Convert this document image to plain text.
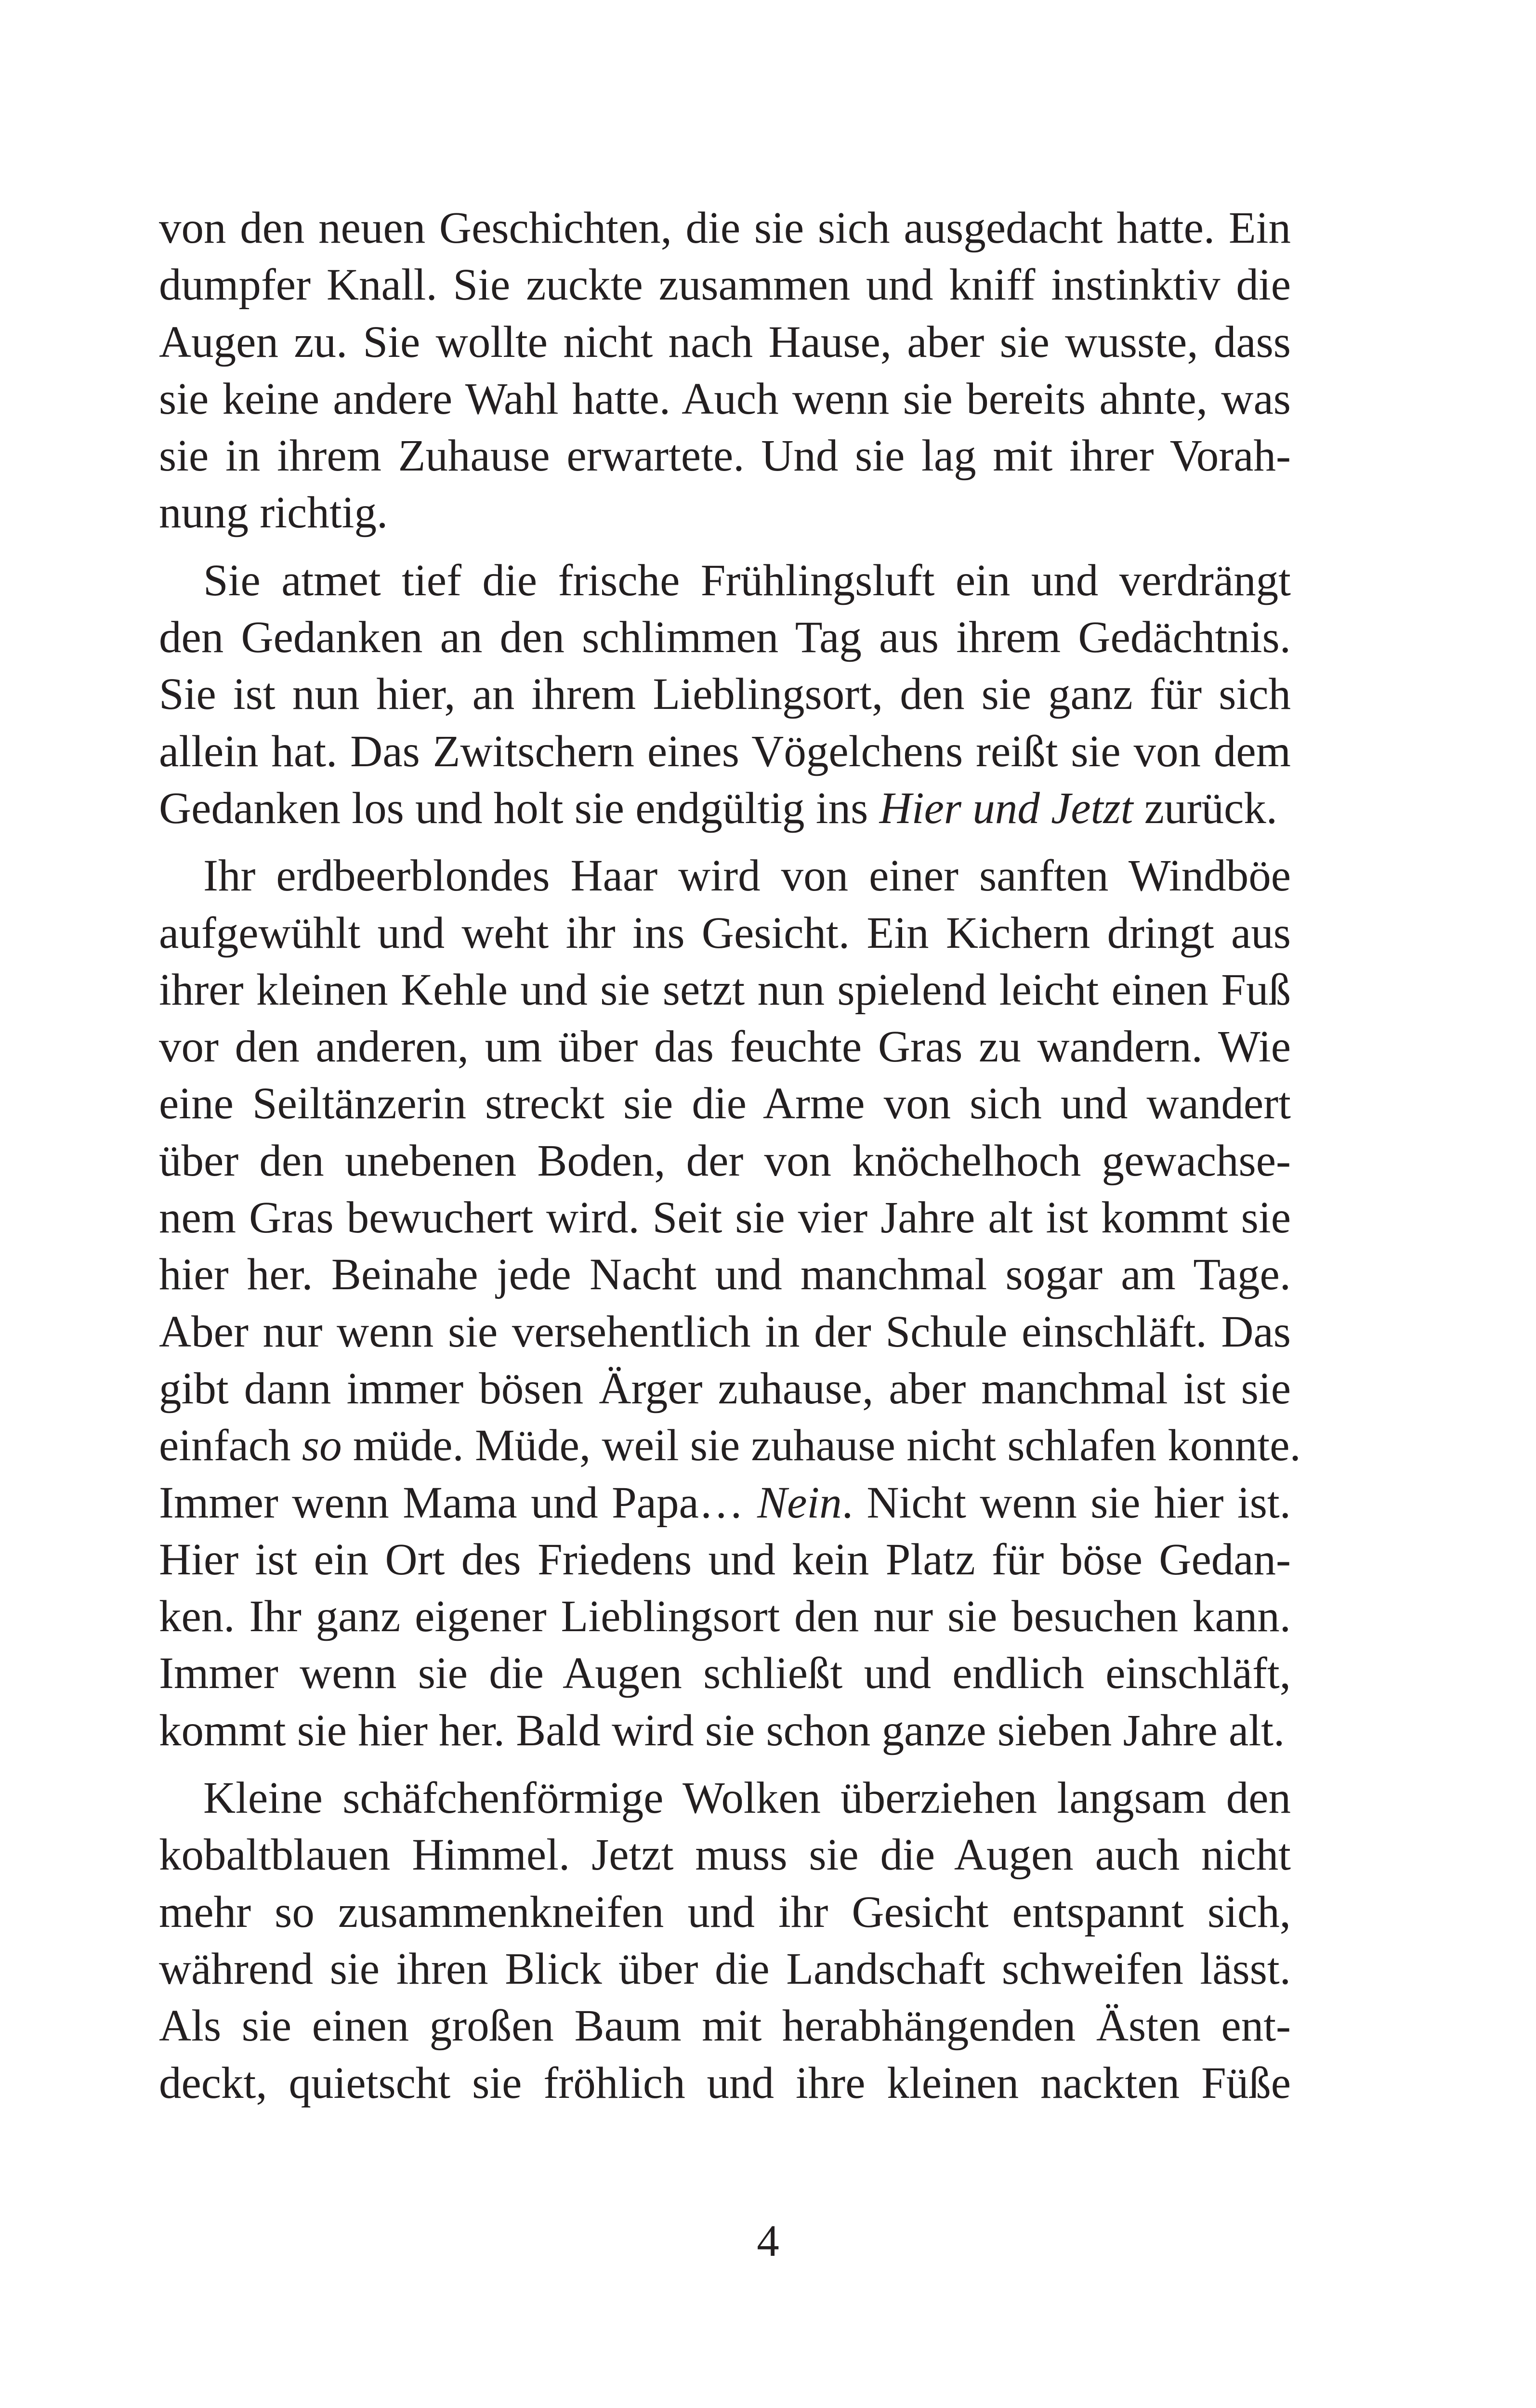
von den neuen Geschichten, die sie sich ausgedacht hatte. Ein
dumpfer Knall. Sie zuckte zusammen und kniff instinktiv die
Augen zu. Sie wollte nicht nach Hause, aber sie wusste, dass
sie keine andere Wahl hatte. Auch wenn sie bereits ahnte, was
sie in ihrem Zuhause erwartete. Und sie lag mit ihrer Vorah-
nung richtig.
Sie atmet tief die frische Frühlingsluft ein und verdrängt
den Gedanken an den schlimmen Tag aus ihrem Gedächtnis.
Sie ist nun hier, an ihrem Lieblingsort, den sie ganz für sich
allein hat. Das Zwitschern eines Vögelchens reißt sie von dem
Gedanken los und holt sie endgültig ins Hier und Jetzt zurück.
Ihr erdbeerblondes Haar wird von einer sanften Windböe
aufgewühlt und weht ihr ins Gesicht. Ein Kichern dringt aus
ihrer kleinen Kehle und sie setzt nun spielend leicht einen Fuß
vor den anderen, um über das feuchte Gras zu wandern. Wie
eine Seiltänzerin streckt sie die Arme von sich und wandert
über den unebenen Boden, der von knöchelhoch gewachse-
nem Gras bewuchert wird. Seit sie vier Jahre alt ist kommt sie
hier her. Beinahe jede Nacht und manchmal sogar am Tage.
Aber nur wenn sie versehentlich in der Schule einschläft. Das
gibt dann immer bösen Ärger zuhause, aber manchmal ist sie
einfach so müde. Müde, weil sie zuhause nicht schlafen konnte.
Immer wenn Mama und Papa… Nein. Nicht wenn sie hier ist.
Hier ist ein Ort des Friedens und kein Platz für böse Gedan-
ken. Ihr ganz eigener Lieblingsort den nur sie besuchen kann.
Immer wenn sie die Augen schließt und endlich einschläft,
kommt sie hier her. Bald wird sie schon ganze sieben Jahre alt.
Kleine schäfchenförmige Wolken überziehen langsam den
kobaltblauen Himmel. Jetzt muss sie die Augen auch nicht
mehr so zusammenkneifen und ihr Gesicht entspannt sich,
während sie ihren Blick über die Landschaft schweifen lässt.
Als sie einen großen Baum mit herabhängenden Ästen ent-
deckt, quietscht sie fröhlich und ihre kleinen nackten Füße
4
